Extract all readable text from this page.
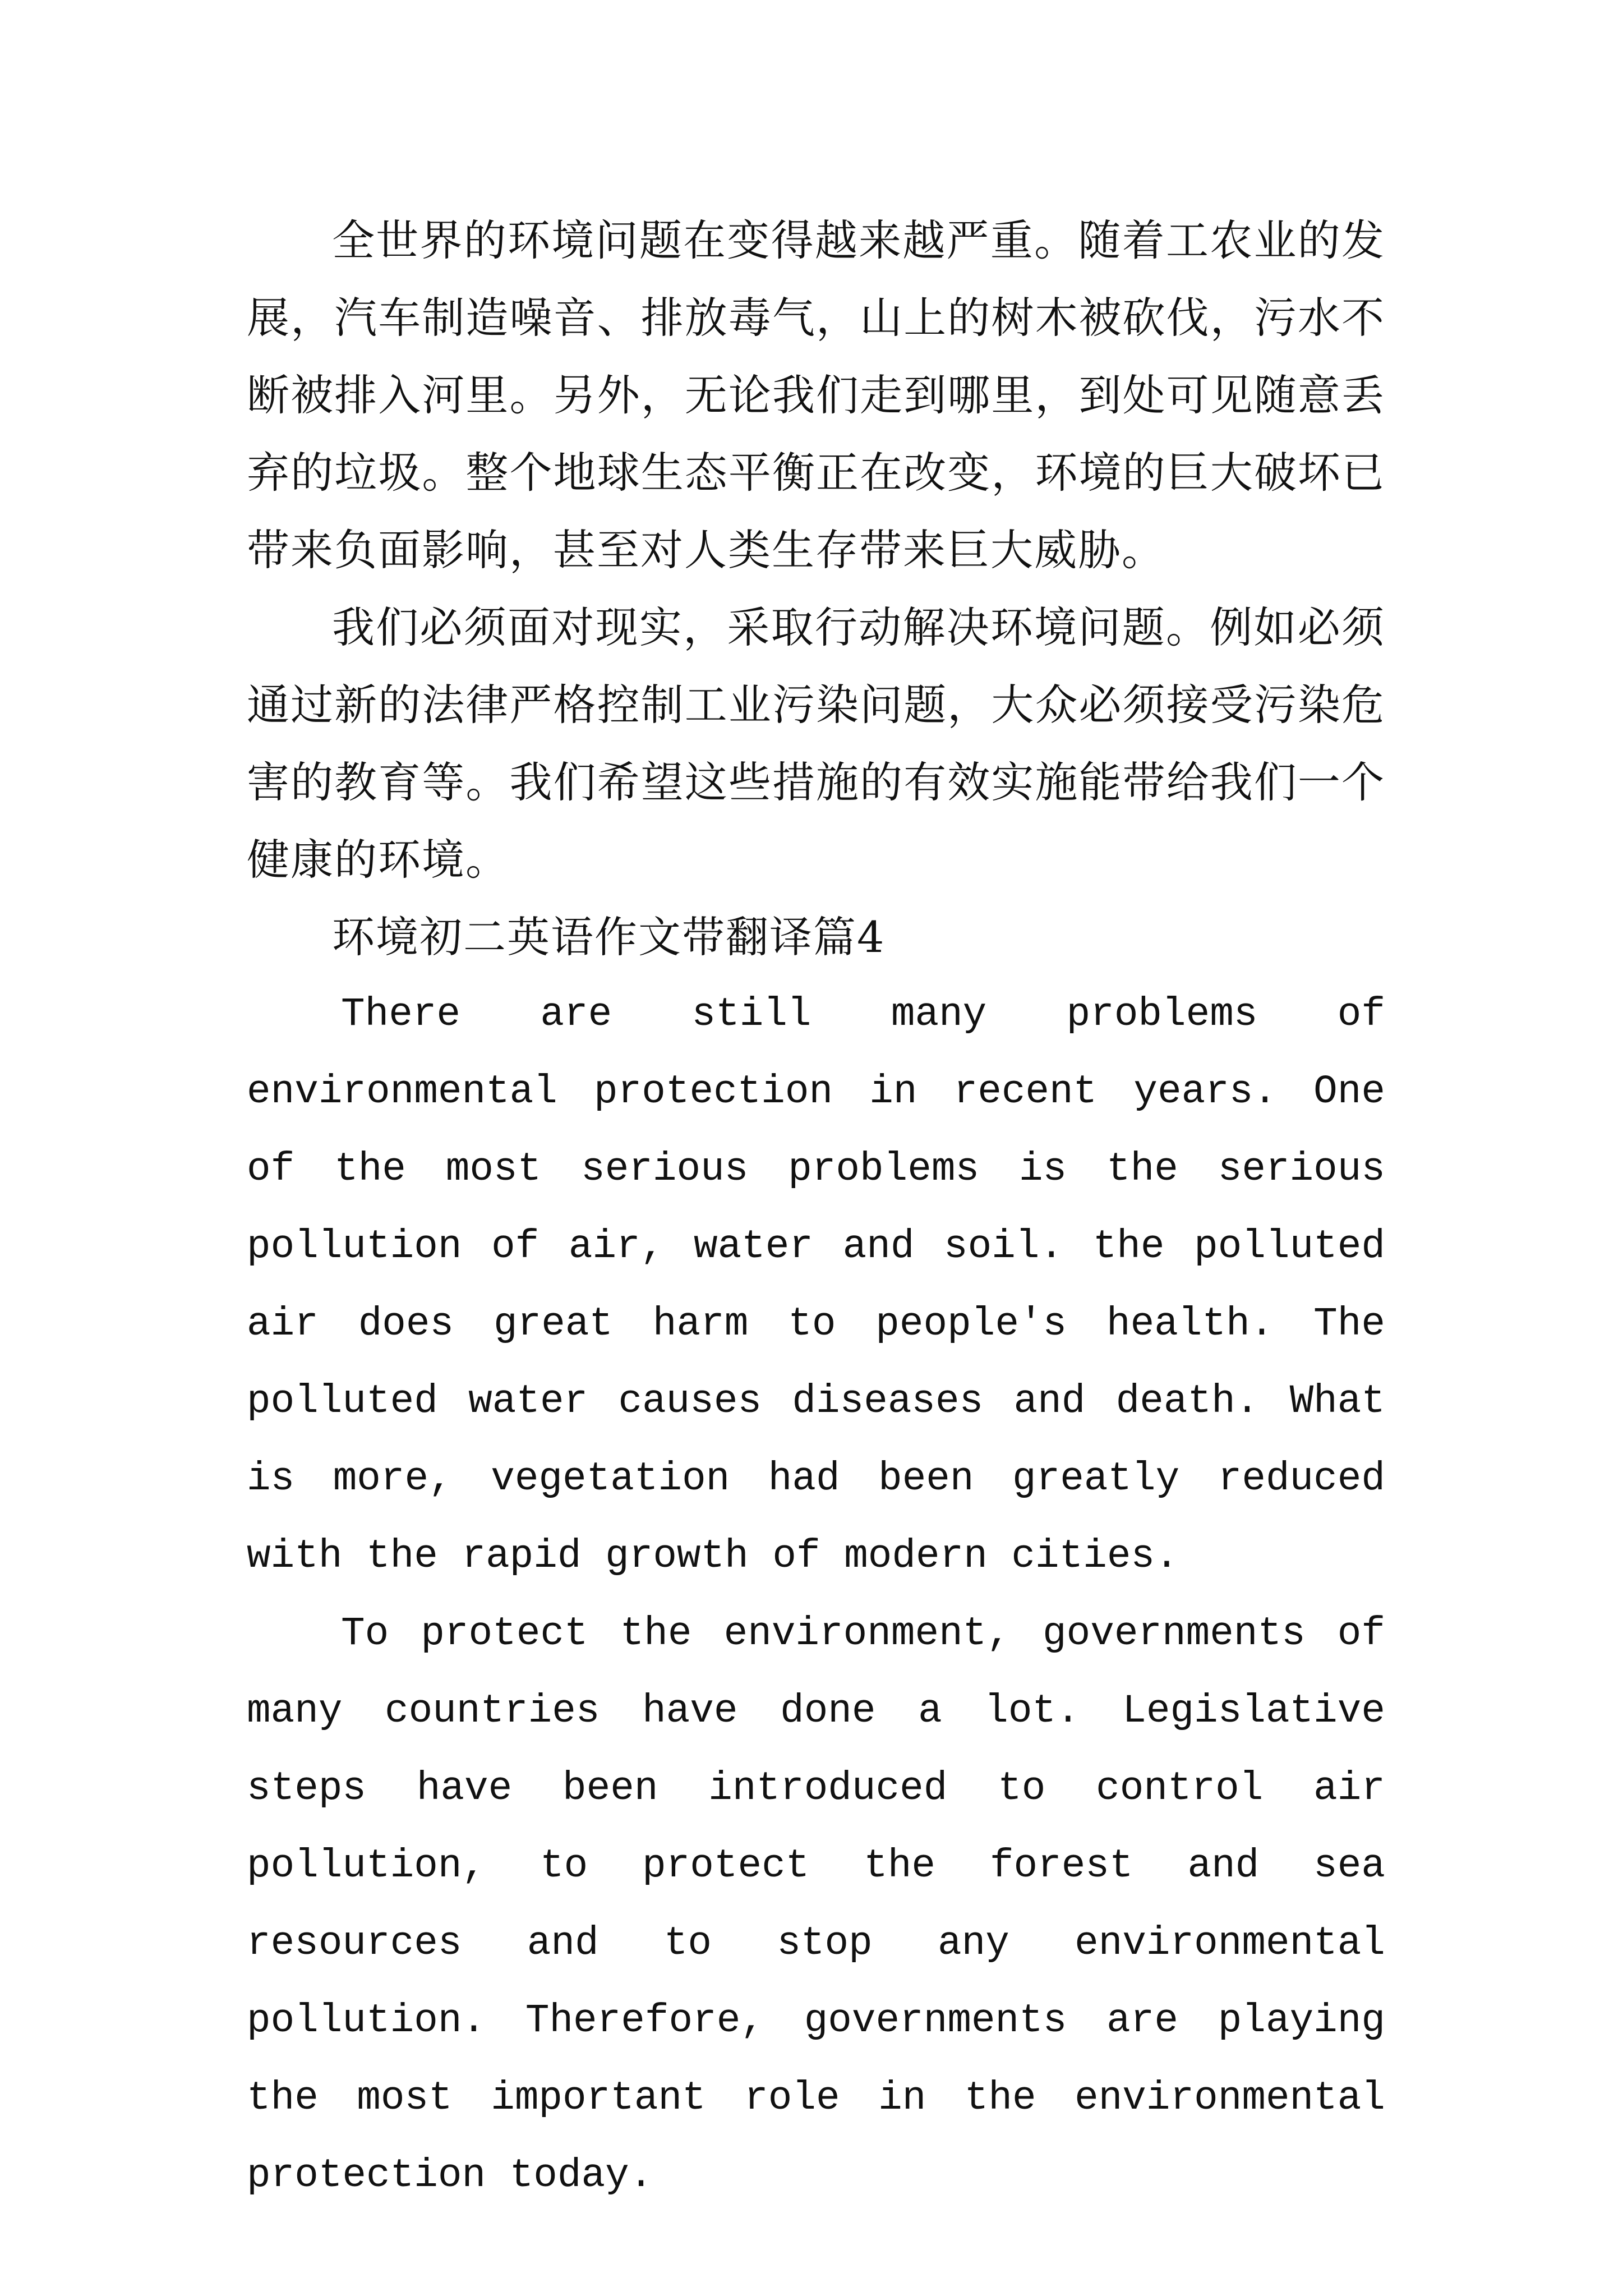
全世界的环境问题在变得越来越严重。随着工农业的发展，汽车制造噪音、排放毒气，山上的树木被砍伐，污水不断被排入河里。另外，无论我们走到哪里，到处可见随意丢弃的垃圾。整个地球生态平衡正在改变，环境的巨大破坏已带来负面影响，甚至对人类生存带来巨大威胁。

我们必须面对现实，采取行动解决环境问题。例如必须通过新的法律严格控制工业污染问题，大众必须接受污染危害的教育等。我们希望这些措施的有效实施能带给我们一个健康的环境。

环境初二英语作文带翻译篇4

There are still many problems of environmental protection in recent years. One of the most serious problems is the serious pollution of air, water and soil. the polluted air does great harm to people's health. The polluted water causes diseases and death. What is more, vegetation had been greatly reduced with the rapid growth of modern cities.

To protect the environment, governments of many countries have done a lot. Legislative steps have been introduced to control air pollution, to protect the forest and sea resources and to stop any environmental pollution. Therefore, governments are playing the most important role in the environmental protection today.
